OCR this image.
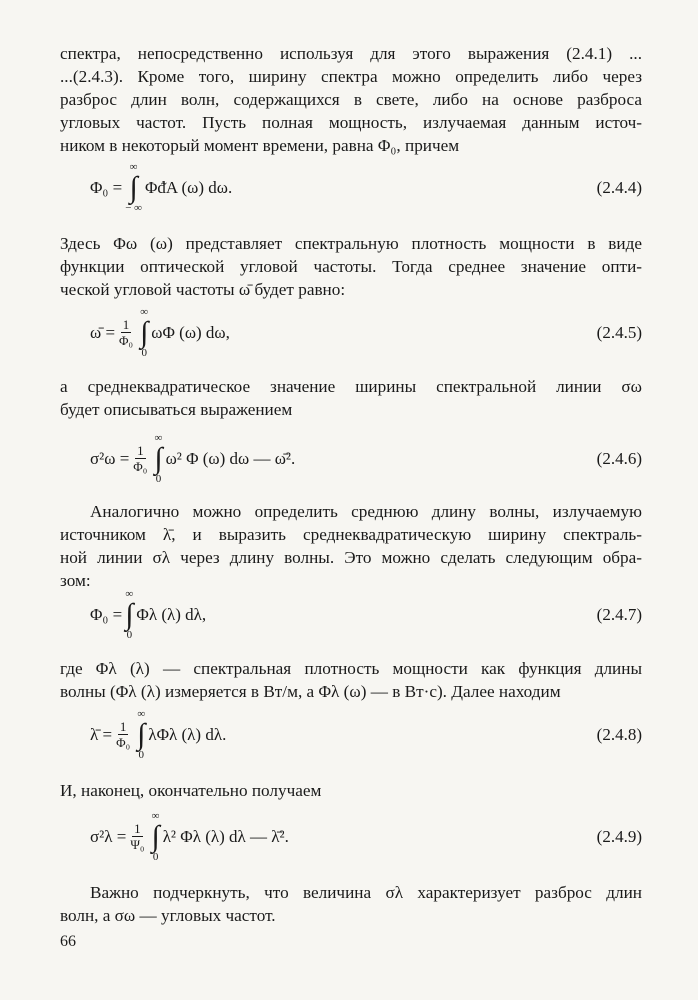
спектра, непосредственно используя для этого выражения (2.4.1) ...
...(2.4.3). Кроме того, ширину спектра можно определить либо через
разброс длин волн, содержащихся в свете, либо на основе разброса
угловых частот. Пусть полная мощность, излучаемая данным источ-
ником в некоторый момент времени, равна Φ₀, причем
Φ₀ =
∞
∫
− ∞
ΦᵭA (ω) dω.	(2.4.4)
Здесь Φω (ω) представляет спектральную плотность мощности в виде
функции оптической угловой частоты. Тогда среднее значение опти-
ческой угловой частоты ω̄ будет равно:
ω̄ = $\frac{1}{\text{Φ₀}}$
∞
∫
0
ωΦ (ω) dω,	(2.4.5)
а среднеквадратическое значение ширины спектральной линии σω
будет описываться выражением
$\sigma^2\omega = \frac{1}{\text{Φ₀}}$
∞
∫
0
ω² Φ (ω) dω — ω̄².	(2.4.6)
Аналогично можно определить среднюю длину волны, излучаемую
источником λ̄, и выразить среднеквадратическую ширину спектраль-
ной линии σλ через длину волны. Это можно сделать следующим обра-
зом:
Φ₀ =
∞
∫
0
Φλ (λ) dλ,	(2.4.7)
где Φλ (λ) — спектральная плотность мощности как функция длины
волны (Φλ (λ) измеряется в Вт/м, а Φλ (ω) — в Вт·с). Далее находим
λ̄ = $\frac{1}{\text{Φ₀}}$
∞
∫
0
λΦλ (λ) dλ.	(2.4.8)
И, наконец, окончательно получаем
$\sigma^2\lambda = \frac{1}{\text{Ψ₀}}$
∞
∫
0
λ² Φλ (λ) dλ — λ̄².	(2.4.9)
Важно подчеркнуть, что величина σλ характеризует разброс длин
волн, а σω — угловых частот.
66
